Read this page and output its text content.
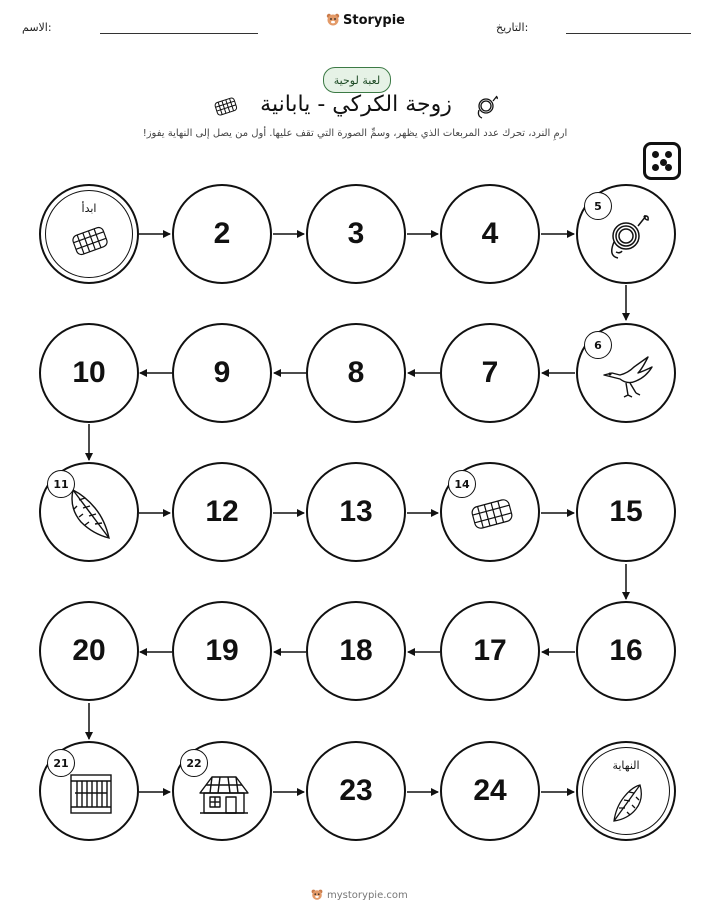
الاسم:	Storypie	التاريخ:
لعبة لوحية
زوجة الكركي - يابانية
ارمِ النرد، تحرك عدد المربعات الذي يظهر، وسمِّ الصورة التي تقف عليها. أول من يصل إلى النهاية يفوز!
ابدأ
2	3	4
5
10	9	8	7
6
11
12	13
14
15
20	19	18	17	16
21	22
23	24
النهاية
mystorypie.com
